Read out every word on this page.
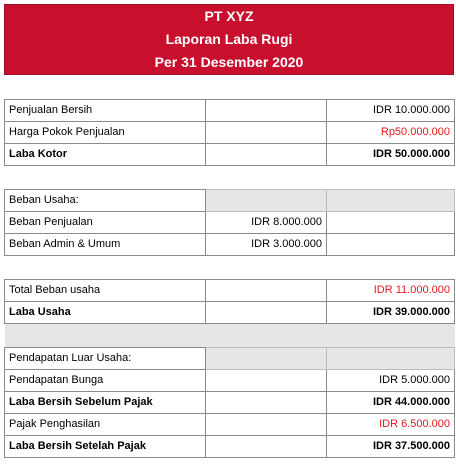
PT XYZ
Laporan Laba Rugi
Per 31 Desember 2020

Penjualan Bersih		IDR 10.000.000
Harga Pokok Penjualan		Rp50.000.000
Laba Kotor		IDR 50.000.000

Beban Usaha:		
Beban Penjualan	IDR 8.000.000	
Beban Admin & Umum	IDR 3.000.000	

Total Beban usaha		IDR 11.000.000
Laba Usaha		IDR 39.000.000

Pendapatan Luar Usaha:		
Pendapatan Bunga		IDR 5.000.000
Laba Bersih Sebelum Pajak		IDR 44.000.000
Pajak Penghasilan		IDR 6.500.000
Laba Bersih Setelah Pajak		IDR 37.500.000
